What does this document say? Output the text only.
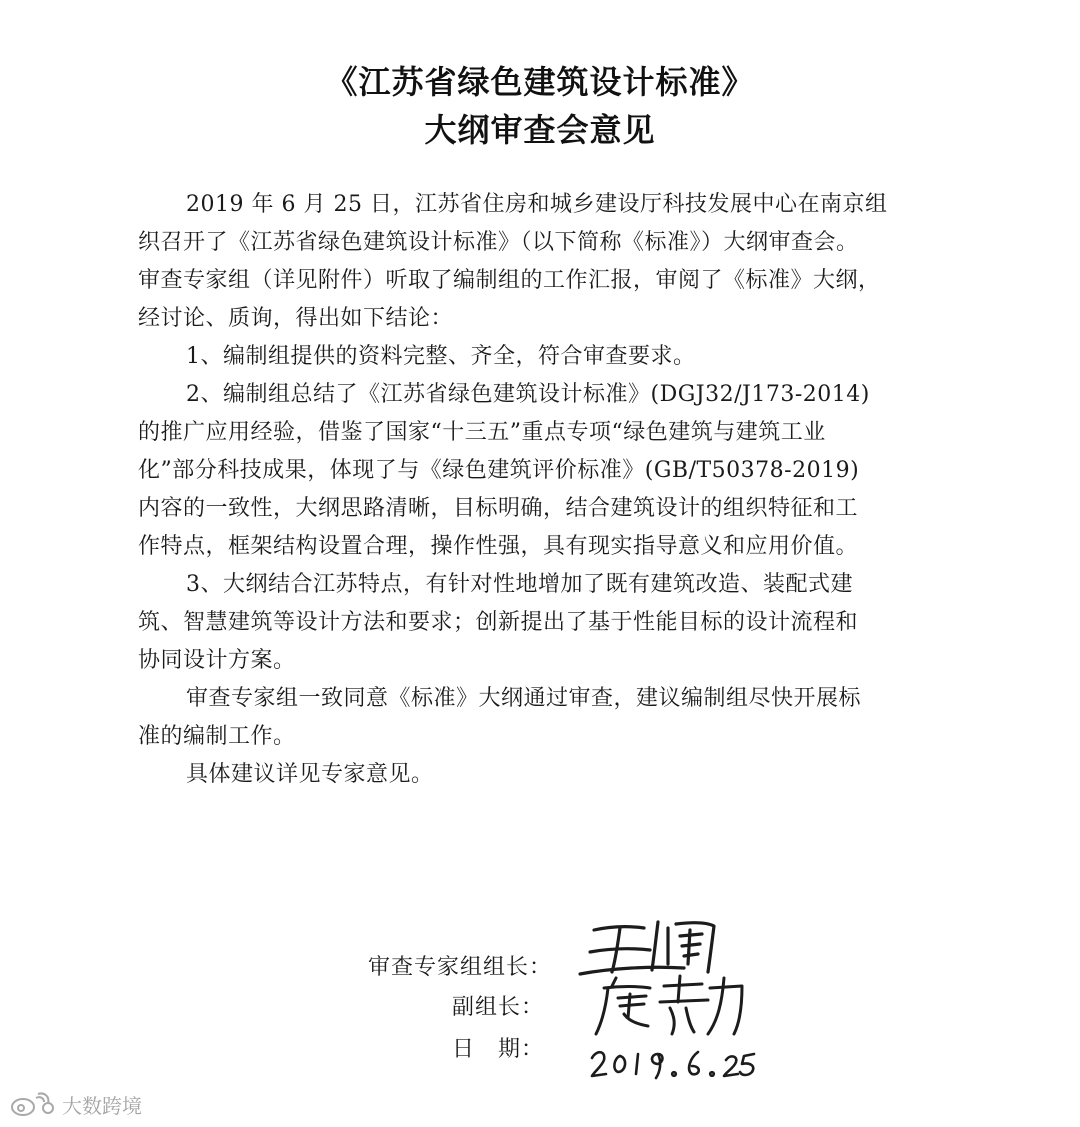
《江苏省绿色建筑设计标准》
大纲审查会意见
2019 年 6 月 25 日，江苏省住房和城乡建设厅科技发展中心在南京组
织召开了《江苏省绿色建筑设计标准》（以下简称《标准》）大纲审查会。
审查专家组（详见附件）听取了编制组的工作汇报，审阅了《标准》大纲，
经讨论、质询，得出如下结论：
1、编制组提供的资料完整、齐全，符合审查要求。
2、编制组总结了《江苏省绿色建筑设计标准》(DGJ32/J173-2014)
的推广应用经验，借鉴了国家“十三五”重点专项“绿色建筑与建筑工业
化”部分科技成果，体现了与《绿色建筑评价标准》(GB/T50378-2019)
内容的一致性，大纲思路清晰，目标明确，结合建筑设计的组织特征和工
作特点，框架结构设置合理，操作性强，具有现实指导意义和应用价值。
3、大纲结合江苏特点，有针对性地增加了既有建筑改造、装配式建
筑、智慧建筑等设计方法和要求；创新提出了基于性能目标的设计流程和
协同设计方案。
审查专家组一致同意《标准》大纲通过审查，建议编制组尽快开展标
准的编制工作。
具体建议详见专家意见。
审查专家组组长：
副组长：
日　期：
大数跨境
